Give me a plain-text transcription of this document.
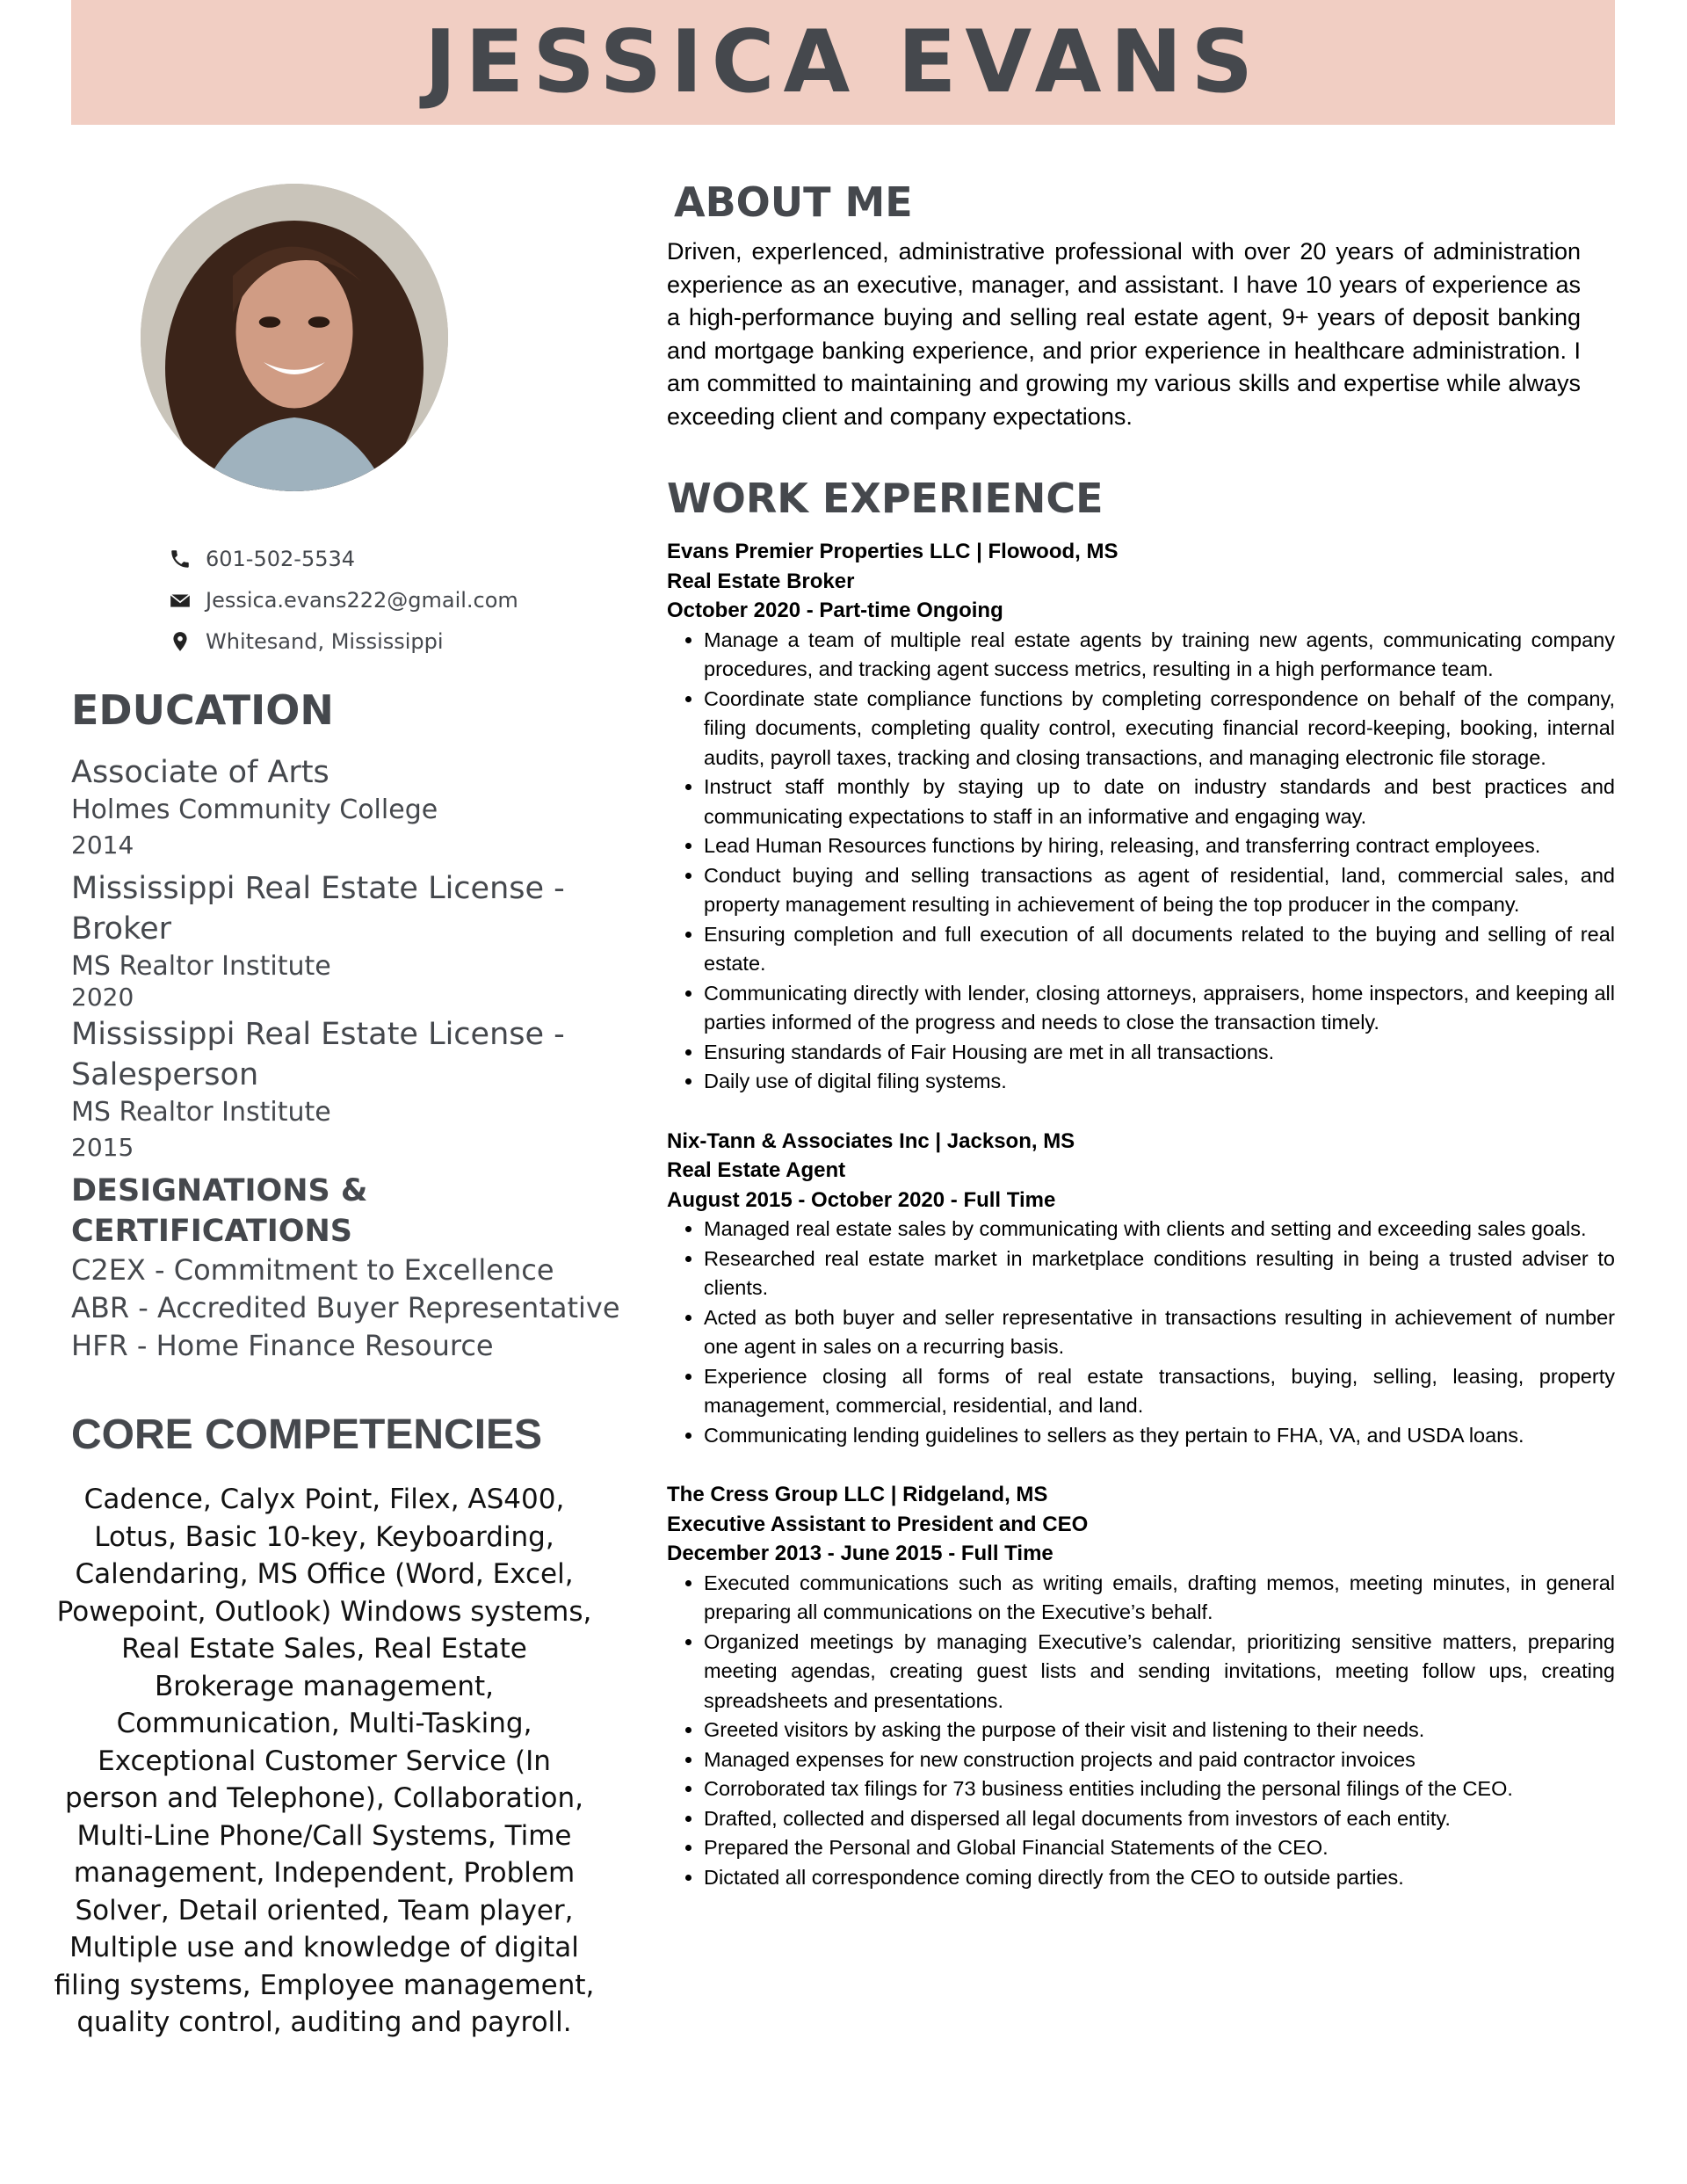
JESSICA EVANS
601-502-5534
Jessica.evans222@gmail.com
Whitesand, Mississippi
EDUCATION
Associate of Arts
Holmes Community College
2014
Mississippi Real Estate License - Broker
MS Realtor Institute
2020
Mississippi Real Estate License - Salesperson
MS Realtor Institute
2015
DESIGNATIONS & CERTIFICATIONS
C2EX - Commitment to Excellence
ABR - Accredited Buyer Representative
HFR - Home Finance Resource
CORE COMPETENCIES
Cadence, Calyx Point, Filex, AS400, Lotus, Basic 10-key, Keyboarding, Calendaring, MS Office (Word, Excel, Powepoint, Outlook) Windows systems, Real Estate Sales, Real Estate Brokerage management, Communication, Multi-Tasking, Exceptional Customer Service (In person and Telephone), Collaboration, Multi-Line Phone/Call Systems, Time management, Independent, Problem Solver, Detail oriented, Team player, Multiple use and knowledge of digital filing systems, Employee management, quality control, auditing and payroll.
ABOUT ME
Driven, experIenced, administrative professional with over 20 years of administration experience as an executive, manager, and assistant. I have 10 years of experience as a high-performance buying and selling real estate agent, 9+ years of deposit banking and mortgage banking experience, and prior experience in healthcare administration. I am committed to maintaining and growing my various skills and expertise while always exceeding client and company expectations.
WORK EXPERIENCE
Evans Premier Properties LLC | Flowood, MS
Real Estate Broker
October 2020 - Part-time Ongoing
• Manage a team of multiple real estate agents by training new agents, communicating company procedures, and tracking agent success metrics, resulting in a high performance team.
• Coordinate state compliance functions by completing correspondence on behalf of the company, filing documents, completing quality control, executing financial record-keeping, booking, internal audits, payroll taxes, tracking and closing transactions, and managing electronic file storage.
• Instruct staff monthly by staying up to date on industry standards and best practices and communicating expectations to staff in an informative and engaging way.
• Lead Human Resources functions by hiring, releasing, and transferring contract employees.
• Conduct buying and selling transactions as agent of residential, land, commercial sales, and property management resulting in achievement of being the top producer in the company.
• Ensuring completion and full execution of all documents related to the buying and selling of real estate.
• Communicating directly with lender, closing attorneys, appraisers, home inspectors, and keeping all parties informed of the progress and needs to close the transaction timely.
• Ensuring standards of Fair Housing are met in all transactions.
• Daily use of digital filing systems.
Nix-Tann & Associates Inc | Jackson, MS
Real Estate Agent
August 2015 - October 2020 - Full Time
• Managed real estate sales by communicating with clients and setting and exceeding sales goals.
• Researched real estate market in marketplace conditions resulting in being a trusted adviser to clients.
• Acted as both buyer and seller representative in transactions resulting in achievement of number one agent in sales on a recurring basis.
• Experience closing all forms of real estate transactions, buying, selling, leasing, property management, commercial, residential, and land.
• Communicating lending guidelines to sellers as they pertain to FHA, VA, and USDA loans.
The Cress Group LLC | Ridgeland, MS
Executive Assistant to President and CEO
December 2013 - June 2015 - Full Time
• Executed communications such as writing emails, drafting memos, meeting minutes, in general preparing all communications on the Executive’s behalf.
• Organized meetings by managing Executive’s calendar, prioritizing sensitive matters, preparing meeting agendas, creating guest lists and sending invitations, meeting follow ups, creating spreadsheets and presentations.
• Greeted visitors by asking the purpose of their visit and listening to their needs.
• Managed expenses for new construction projects and paid contractor invoices
• Corroborated tax filings for 73 business entities including the personal filings of the CEO.
• Drafted, collected and dispersed all legal documents from investors of each entity.
• Prepared the Personal and Global Financial Statements of the CEO.
• Dictated all correspondence coming directly from the CEO to outside parties.
